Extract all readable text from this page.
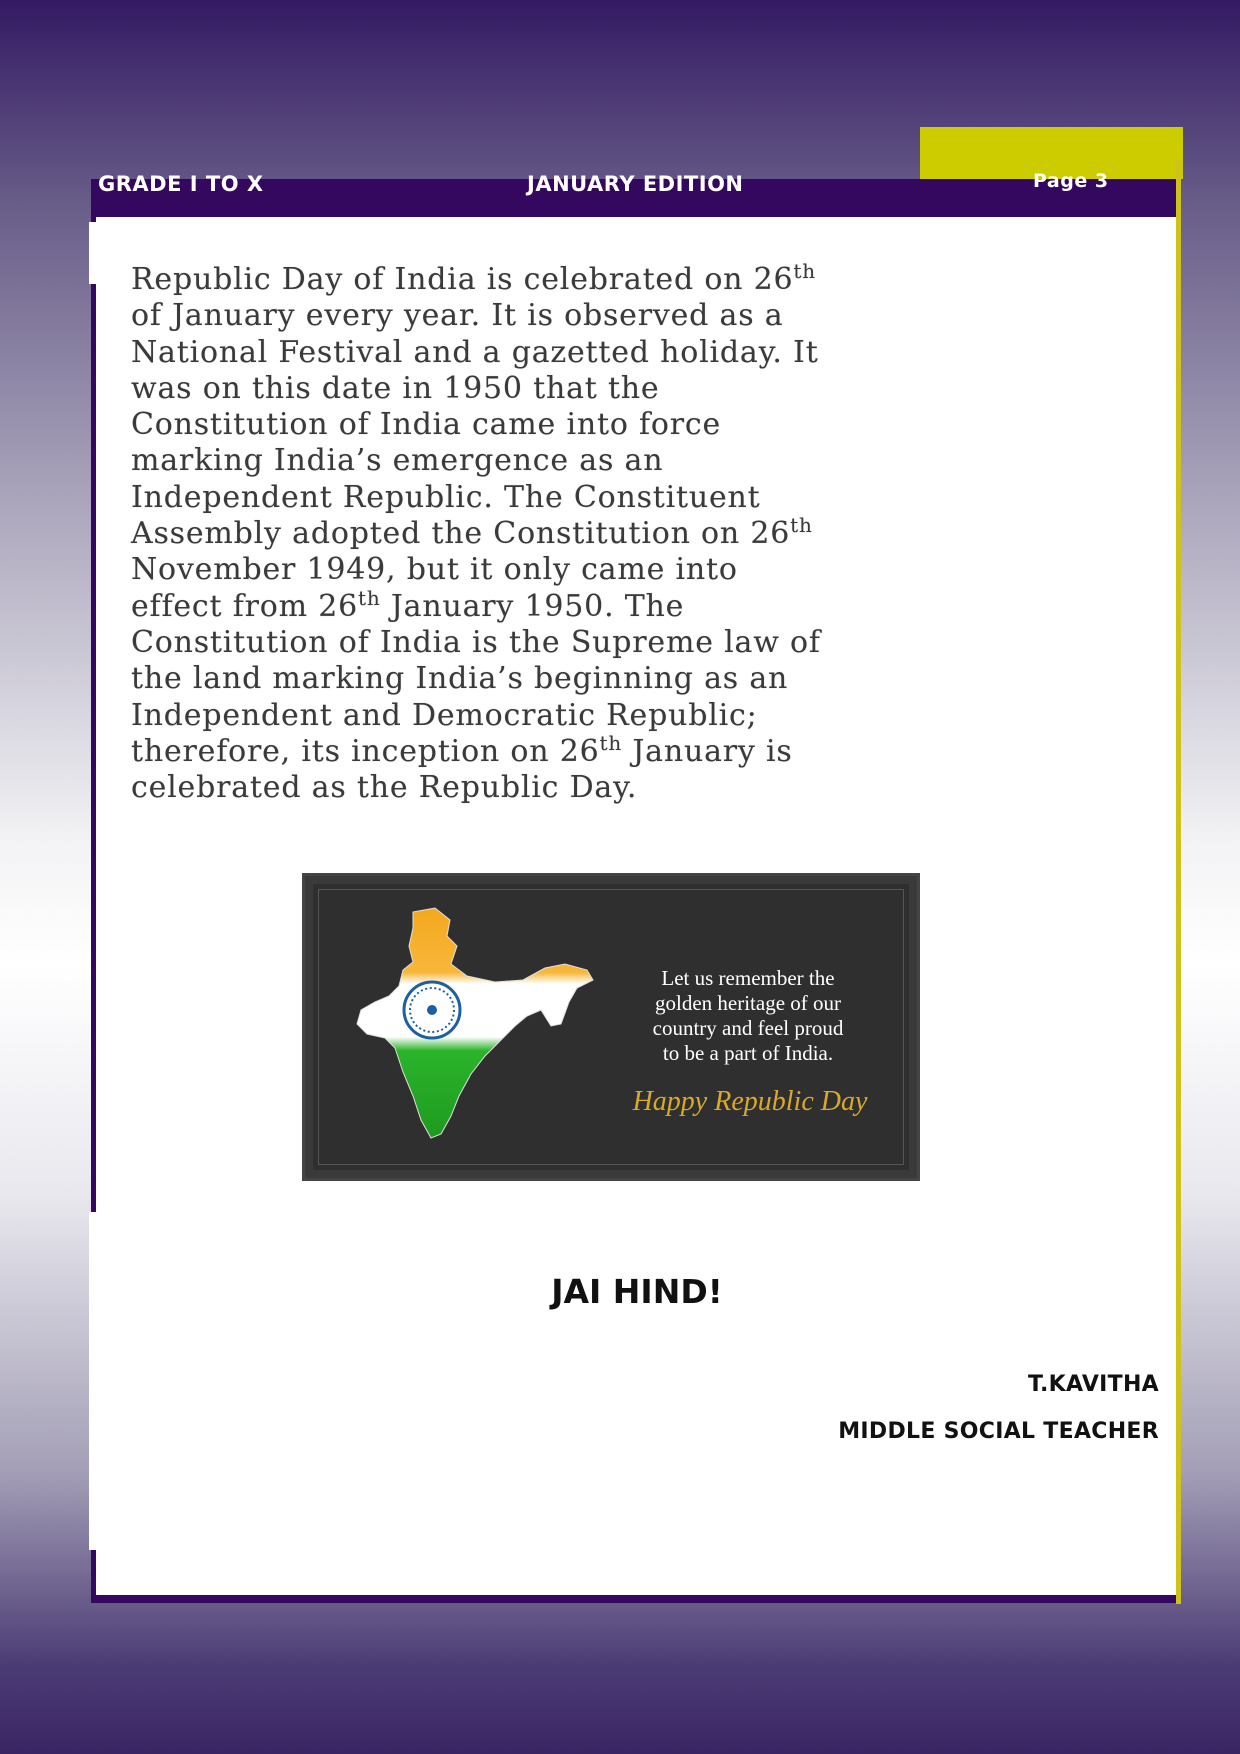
GRADE I TO X	JANUARY EDITION	Page 3

Republic Day of India is celebrated on 26th
of January every year. It is observed as a
National Festival and a gazetted holiday. It
was on this date in 1950 that the
Constitution of India came into force
marking India’s emergence as an
Independent Republic. The Constituent
Assembly adopted the Constitution on 26th
November 1949, but it only came into
effect from 26th January 1950. The
Constitution of India is the Supreme law of
the land marking India’s beginning as an
Independent and Democratic Republic;
therefore, its inception on 26th January is
celebrated as the Republic Day.

Let us remember the
golden heritage of our
country and feel proud
to be a part of India.
Happy Republic Day
JAI HIND!
T.KAVITHA
MIDDLE SOCIAL TEACHER
